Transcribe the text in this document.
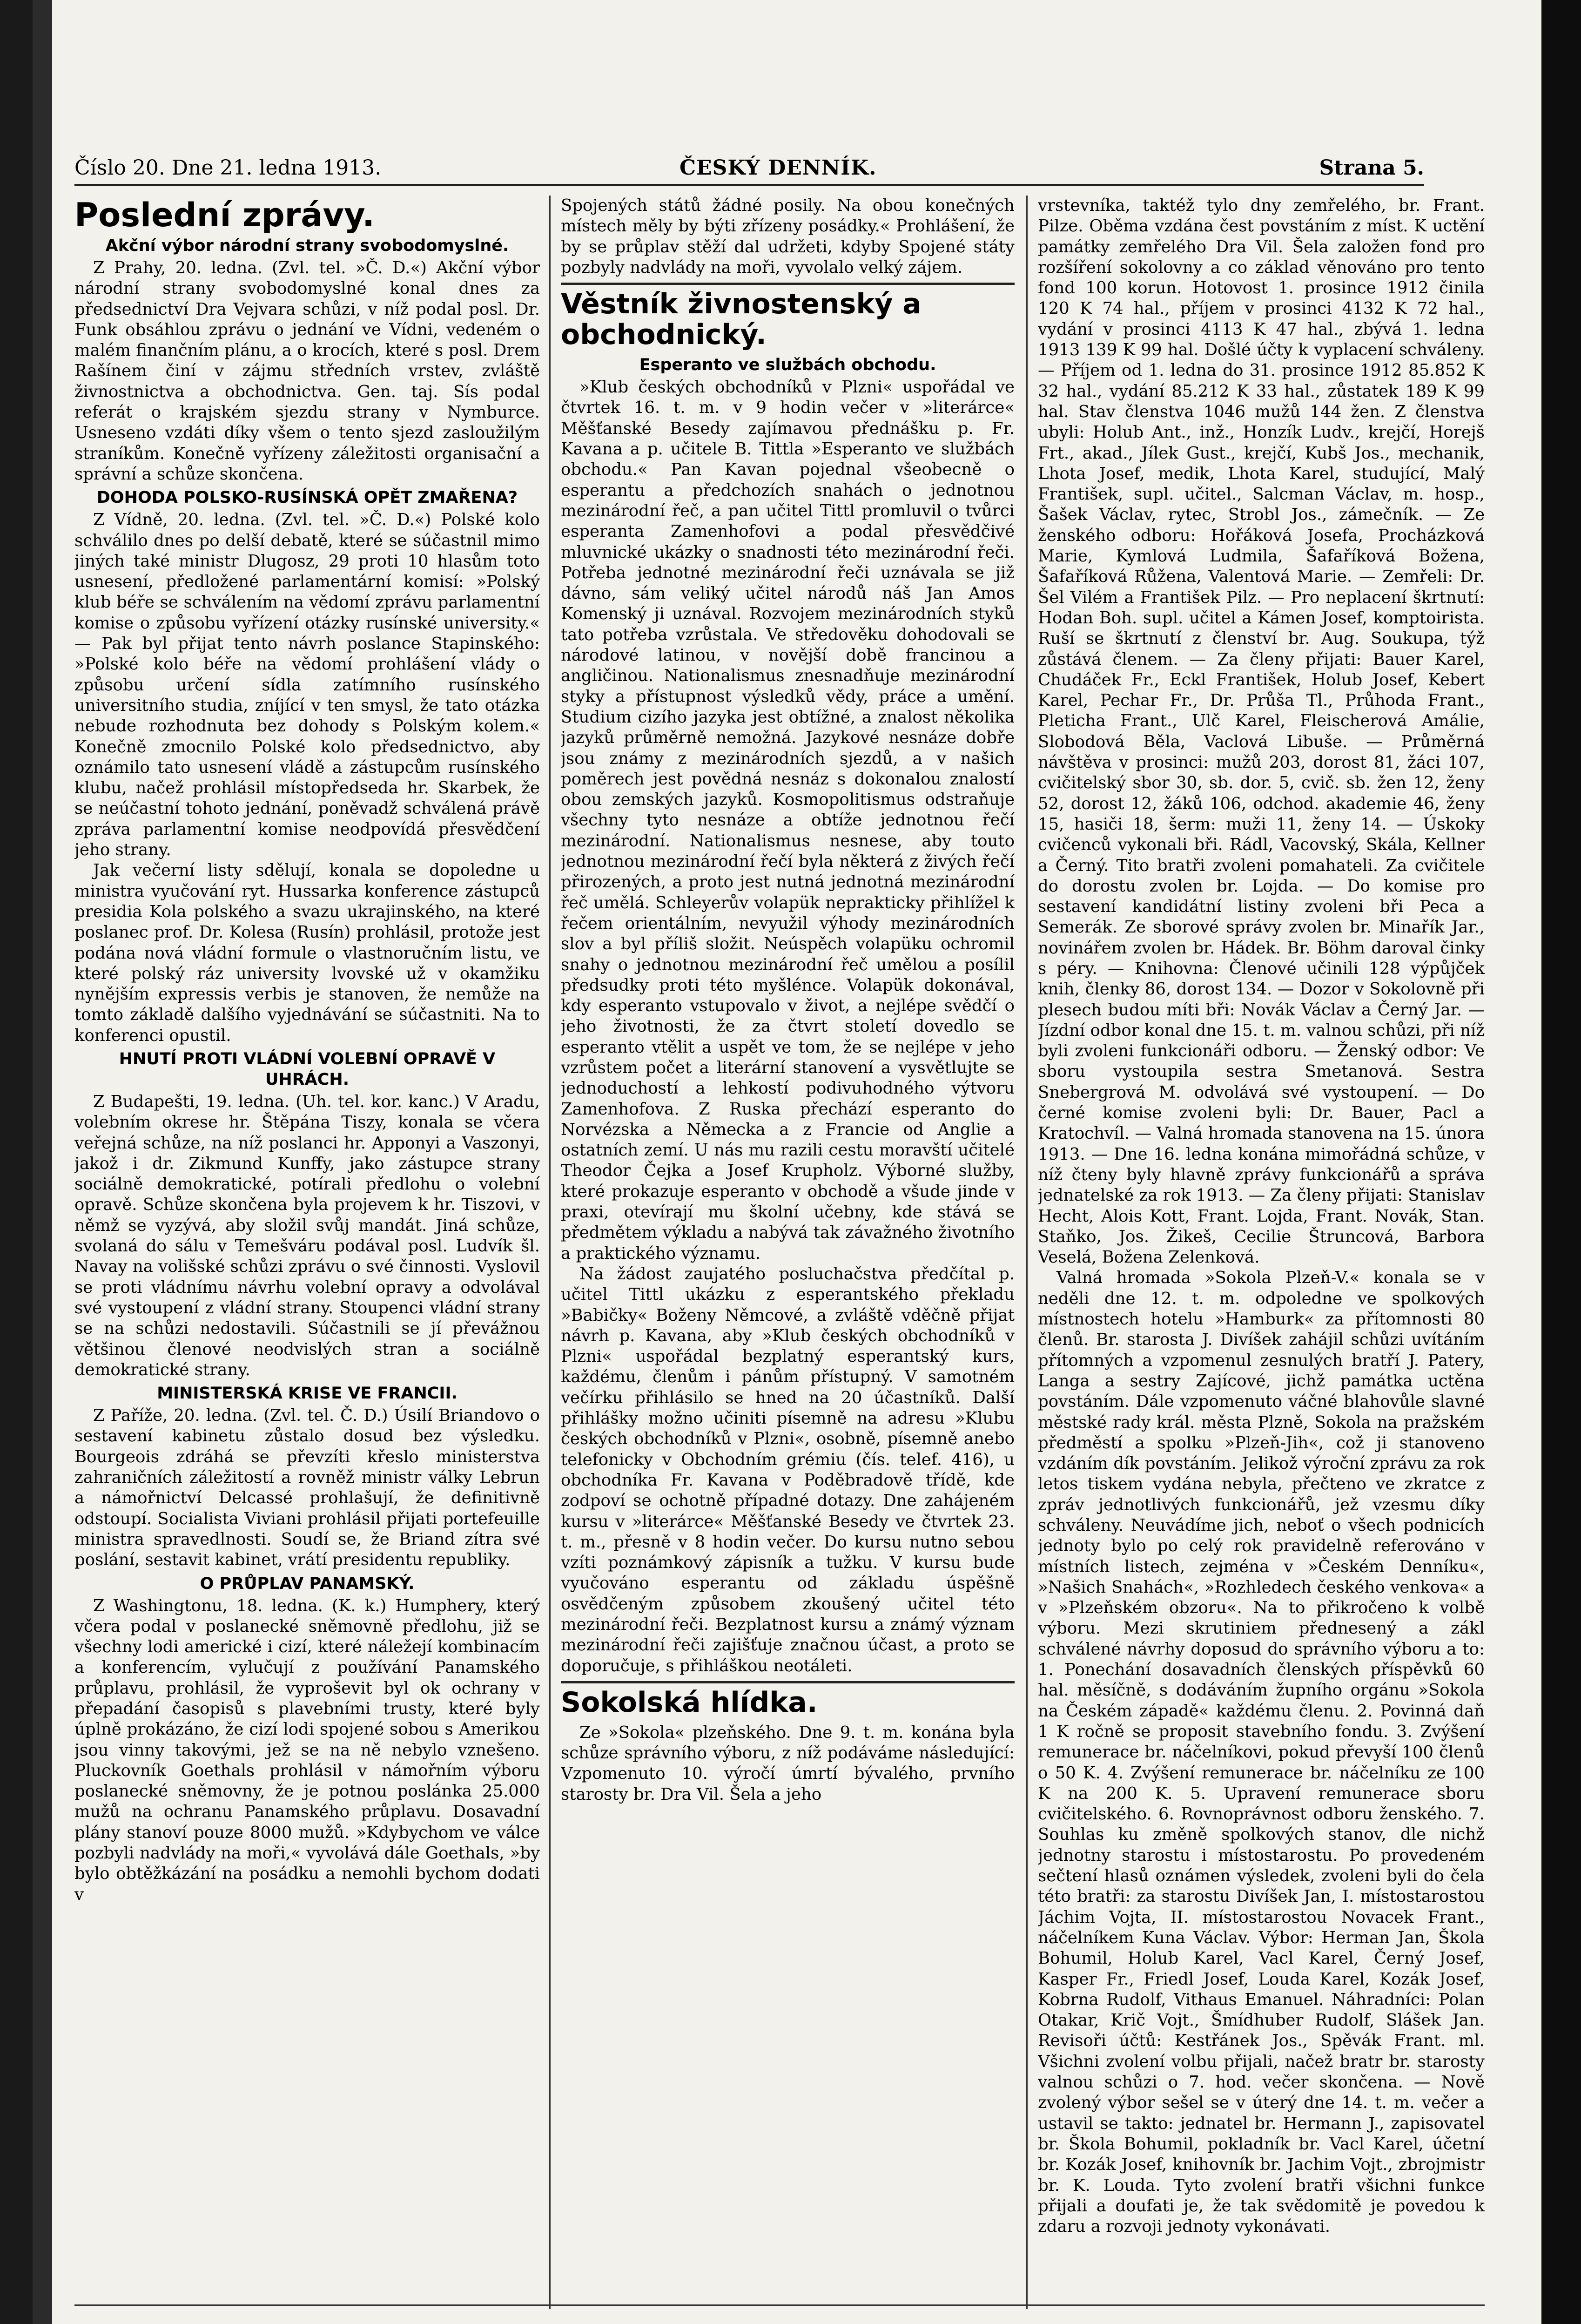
Číslo 20. Dne 21. ledna 1913.	ČESKÝ DENNÍK.	Strana 5.
Poslední zprávy.
Akční výbor národní strany svobodomyslné.

Z Prahy, 20. ledna. (Zvl. tel. »Č. D.«) Akční výbor národní strany svobodomyslné konal dnes za předsednictví Dra Vejvara schůzi, v níž podal posl. Dr. Funk obsáhlou zprávu o jednání ve Vídni, vedeném o malém finančním plánu, a o krocích, které s posl. Drem Rašínem činí v zájmu středních vrstev, zvláště živnostnictva a obchodnictva. Gen. taj. Sís podal referát o krajském sjezdu strany v Nymburce. Usneseno vzdáti díky všem o tento sjezd zasloužilým straníkům. Konečně vyřízeny záležitosti organisační a správní a schůze skončena.

DOHODA POLSKO-RUSÍNSKÁ OPĚT ZMAŘENA?

Z Vídně, 20. ledna. (Zvl. tel. »Č. D.«) Polské kolo schválilo dnes po delší debatě, které se súčastnil mimo jiných také ministr Dlugosz, 29 proti 10 hlasům toto usnesení, předložené parlamentární komisí: »Polský klub béře se schválením na vědomí zprávu parlamentní komise o způsobu vyřízení otázky rusínské university.« — Pak byl přijat tento návrh poslance Stapinského: »Polské kolo béře na vědomí prohlášení vlády o způsobu určení sídla zatímního rusínského universitního studia, zníjící v ten smysl, že tato otázka nebude rozhodnuta bez dohody s Polským kolem.« Konečně zmocnilo Polské kolo předsednictvo, aby oznámilo tato usnesení vládě a zástupcům rusínského klubu, načež prohlásil místopředseda hr. Skarbek, že se neúčastní tohoto jednání, poněvadž schválená právě zpráva parlamentní komise neodpovídá přesvědčení jeho strany.

Jak večerní listy sdělují, konala se dopoledne u ministra vyučování ryt. Hussarka konference zástupců presidia Kola polského a svazu ukrajinského, na které poslanec prof. Dr. Kolesa (Rusín) prohlásil, protože jest podána nová vládní formule o vlastnoručním listu, ve které polský ráz university lvovské už v okamžiku nynějším expressis verbis je stanoven, že nemůže na tomto základě dalšího vyjednávání se súčastniti. Na to konferenci opustil.

HNUTÍ PROTI VLÁDNÍ VOLEBNÍ OPRAVĚ V UHRÁCH.

Z Budapešti, 19. ledna. (Uh. tel. kor. kanc.) V Aradu, volebním okrese hr. Štěpána Tiszy, konala se včera veřejná schůze, na níž poslanci hr. Apponyi a Vaszonyi, jakož i dr. Zikmund Kunffy, jako zástupce strany sociálně demokratické, potírali předlohu o volební opravě. Schůze skončena byla projevem k hr. Tiszovi, v němž se vyzývá, aby složil svůj mandát. Jiná schůze, svolaná do sálu v Temešváru podával posl. Ludvík šl. Navay na volišské schůzi zprávu o své činnosti. Vyslovil se proti vládnímu návrhu volební opravy a odvolával své vystoupení z vládní strany. Stoupenci vládní strany se na schůzi nedostavili. Súčastnili se jí převážnou většinou členové neodvislých stran a sociálně demokratické strany.

MINISTERSKÁ KRISE VE FRANCII.

Z Paříže, 20. ledna. (Zvl. tel. Č. D.) Úsilí Briandovo o sestavení kabinetu zůstalo dosud bez výsledku. Bourgeois zdráhá se převzíti křeslo ministerstva zahraničních záležitostí a rovněž ministr války Lebrun a námořnictví Delcassé prohlašují, že definitivně odstoupí. Socialista Viviani prohlásil přijati portefeuille ministra spravedlnosti. Soudí se, že Briand zítra své poslání, sestavit kabinet, vrátí presidentu republiky.

O PRŮPLAV PANAMSKÝ.

Z Washingtonu, 18. ledna. (K. k.) Humphery, který včera podal v poslanecké sněmovně předlohu, již se všechny lodi americké i cizí, které náležejí kombinacím a konferencím, vylučují z používání Panamského průplavu, prohlásil, že vyproševit byl ok ochrany v přepadání časopisů s plavebními trusty, které byly úplně prokázáno, že cizí lodi spojené sobou s Amerikou jsou vinny takovými, jež se na ně nebylo vznešeno. Pluckovník Goethals prohlásil v námořním výboru poslanecké sněmovny, že je potnou poslánka 25.000 mužů na ochranu Panamského průplavu. Dosavadní plány stanoví pouze 8000 mužů. »Kdybychom ve válce pozbyli nadvlády na moři,« vyvolává dále Goethals, »by bylo obtěžkázání na posádku a nemohli bychom dodati v

Spojených států žádné posily. Na obou konečných místech měly by býti zřízeny posádky.« Prohlášení, že by se průplav stěží dal udržeti, kdyby Spojené státy pozbyly nadvlády na moři, vyvolalo velký zájem.

Věstník živnostenský a obchodnický.
Esperanto ve službách obchodu.

»Klub českých obchodníků v Plzni« uspořádal ve čtvrtek 16. t. m. v 9 hodin večer v »literárce« Měšťanské Besedy zajímavou přednášku p. Fr. Kavana a p. učitele B. Tittla »Esperanto ve službách obchodu.« Pan Kavan pojednal všeobecně o esperantu a předchozích snahách o jednotnou mezinárodní řeč, a pan učitel Tittl promluvil o tvůrci esperanta Zamenhofovi a podal přesvědčivé mluvnické ukázky o snadnosti této mezinárodní řeči. Potřeba jednotné mezinárodní řeči uznávala se již dávno, sám veliký učitel národů náš Jan Amos Komenský ji uznával. Rozvojem mezinárodních styků tato potřeba vzrůstala. Ve středověku dohodovali se národové latinou, v novější době francinou a angličinou. Nationalismus znesnadňuje mezinárodní styky a přístupnost výsledků vědy, práce a umění. Studium cizího jazyka jest obtížné, a znalost několika jazyků průměrně nemožná. Jazykové nesnáze dobře jsou známy z mezinárodních sjezdů, a v našich poměrech jest povědná nesnáz s dokonalou znalostí obou zemských jazyků. Kosmopolitismus odstraňuje všechny tyto nesnáze a obtíže jednotnou řečí mezinárodní. Nationalismus nesnese, aby touto jednotnou mezinárodní řečí byla některá z živých řečí přirozených, a proto jest nutná jednotná mezinárodní řeč umělá. Schleyerův volapük neprakticky přihlížel k řečem orientálním, nevyužil výhody mezinárodních slov a byl příliš složit. Neúspěch volapüku ochromil snahy o jednotnou mezinárodní řeč umělou a posílil předsudky proti této myšlénce. Volapük dokonával, kdy esperanto vstupovalo v život, a nejlépe svědčí o jeho životnosti, že za čtvrt století dovedlo se esperanto vtělit a uspět ve tom, že se nejlépe v jeho vzrůstem počet a literární stanovení a vysvětlujte se jednoduchostí a lehkostí podivuhodného výtvoru Zamenhofova. Z Ruska přechází esperanto do Norvézska a Německa a z Francie od Anglie a ostatních zemí. U nás mu razili cestu moravští učitelé Theodor Čejka a Josef Krupholz. Výborné služby, které prokazuje esperanto v obchodě a všude jinde v praxi, otevírají mu školní učebny, kde stává se předmětem výkladu a nabývá tak závažného životního a praktického významu.

Na žádost zaujatého posluchačstva předčítal p. učitel Tittl ukázku z esperantského překladu »Babičky« Boženy Němcové, a zvláště vděčně přijat návrh p. Kavana, aby »Klub českých obchodníků v Plzni« uspořádal bezplatný esperantský kurs, každému, členům i pánům přístupný. V samotném večírku přihlásilo se hned na 20 účastníků. Další přihlášky možno učiniti písemně na adresu »Klubu českých obchodníků v Plzni«, osobně, písemně anebo telefonicky v Obchodním grémiu (čís. telef. 416), u obchodníka Fr. Kavana v Poděbradově třídě, kde zodpoví se ochotně případné dotazy. Dne zahájeném kursu v »literárce« Měšťanské Besedy ve čtvrtek 23. t. m., přesně v 8 hodin večer. Do kursu nutno sebou vzíti poznámkový zápisník a tužku. V kursu bude vyučováno esperantu od základu úspěšně osvědčeným způsobem zkoušený učitel této mezinárodní řeči. Bezplatnost kursu a známý význam mezinárodní řeči zajišťuje značnou účast, a proto se doporučuje, s přihláškou neotáleti.

Sokolská hlídka.

Ze »Sokola« plzeňského. Dne 9. t. m. konána byla schůze správního výboru, z níž podáváme následující: Vzpomenuto 10. výročí úmrtí bývalého, prvního starosty br. Dra Vil. Šela a jeho

vrstevníka, taktéž tylo dny zemřelého, br. Frant. Pilze. Oběma vzdána čest povstáním z míst. K uctění památky zemřelého Dra Vil. Šela založen fond pro rozšíření sokolovny a co základ věnováno pro tento fond 100 korun. Hotovost 1. prosince 1912 činila 120 K 74 hal., příjem v prosinci 4132 K 72 hal., vydání v prosinci 4113 K 47 hal., zbývá 1. ledna 1913 139 K 99 hal. Došlé účty k vyplacení schváleny. — Příjem od 1. ledna do 31. prosince 1912 85.852 K 32 hal., vydání 85.212 K 33 hal., zůstatek 189 K 99 hal. Stav členstva 1046 mužů 144 žen. Z členstva ubyli: Holub Ant., inž., Honzík Ludv., krejčí, Horejš Frt., akad., Jílek Gust., krejčí, Kubš Jos., mechanik, Lhota Josef, medik, Lhota Karel, studující, Malý František, supl. učitel., Salcman Václav, m. hosp., Šašek Václav, rytec, Strobl Jos., zámečník. — Ze ženského odboru: Hořáková Josefa, Procházková Marie, Kymlová Ludmila, Šafaříková Božena, Šafaříková Růžena, Valentová Marie. — Zemřeli: Dr. Šel Vilém a František Pilz. — Pro neplacení škrtnutí: Hodan Boh. supl. učitel a Kámen Josef, komptoirista. Ruší se škrtnutí z členství br. Aug. Soukupa, týž zůstává členem. — Za členy přijati: Bauer Karel, Chudáček Fr., Eckl František, Holub Josef, Kebert Karel, Pechar Fr., Dr. Průša Tl., Průhoda Frant., Pleticha Frant., Ulč Karel, Fleischerová Amálie, Slobodová Běla, Vaclová Libuše. — Průměrná návštěva v prosinci: mužů 203, dorost 81, žáci 107, cvičitelský sbor 30, sb. dor. 5, cvič. sb. žen 12, ženy 52, dorost 12, žáků 106, odchod. akademie 46, ženy 15, hasiči 18, šerm: muži 11, ženy 14. — Úskoky cvičenců vykonali bři. Rádl, Vacovský, Skála, Kellner a Černý. Tito bratři zvoleni pomahateli. Za cvičitele do dorostu zvolen br. Lojda. — Do komise pro sestavení kandidátní listiny zvoleni bři Peca a Semerák. Ze sborové správy zvolen br. Minařík Jar., novinářem zvolen br. Hádek. Br. Böhm daroval činky s péry. — Knihovna: Členové učinili 128 výpůjček knih, členky 86, dorost 134. — Dozor v Sokolovně při plesech budou míti bři: Novák Václav a Černý Jar. — Jízdní odbor konal dne 15. t. m. valnou schůzi, při níž byli zvoleni funkcionáři odboru. — Ženský odbor: Ve sboru vystoupila sestra Smetanová. Sestra Snebergrová M. odvolává své vystoupení. — Do černé komise zvoleni byli: Dr. Bauer, Pacl a Kratochvíl. — Valná hromada stanovena na 15. února 1913. — Dne 16. ledna konána mimořádná schůze, v níž čteny byly hlavně zprávy funkcionářů a správa jednatelské za rok 1913. — Za členy přijati: Stanislav Hecht, Alois Kott, Frant. Lojda, Frant. Novák, Stan. Staňko, Jos. Žikeš, Cecilie Štruncová, Barbora Veselá, Božena Zelenková.

Valná hromada »Sokola Plzeň-V.« konala se v neděli dne 12. t. m. odpoledne ve spolkových místnostech hotelu »Hamburk« za přítomnosti 80 členů. Br. starosta J. Divíšek zahájil schůzi uvítáním přítomných a vzpomenul zesnulých bratří J. Patery, Langa a sestry Zajícové, jichž památka uctěna povstáním. Dále vzpomenuto váčné blahovůle slavné městské rady král. města Plzně, Sokola na pražském předměstí a spolku »Plzeň-Jih«, což ji stanoveno vzdáním dík povstáním. Jelikož výroční zprávu za rok letos tiskem vydána nebyla, přečteno ve zkratce z zpráv jednotlivých funkcionářů, jež vzesmu díky schváleny. Neuvádíme jich, neboť o všech podnicích jednoty bylo po celý rok pravidelně referováno v místních listech, zejména v »Českém Denníku«, »Našich Snahách«, »Rozhledech českého venkova« a v »Plzeňském obzoru«. Na to přikročeno k volbě výboru. Mezi skrutiniem přednesený a zákl schválené návrhy doposud do správního výboru a to: 1. Ponechání dosavadních členských příspěvků 60 hal. měsíčně, s dodáváním župního orgánu »Sokola na Českém západě« každému členu. 2. Povinná daň 1 K ročně se proposit stavebního fondu. 3. Zvýšení remunerace br. náčelníkovi, pokud převyší 100 členů o 50 K. 4. Zvýšení remunerace br. náčelníku ze 100 K na 200 K. 5. Upravení remunerace sboru cvičitelského. 6. Rovnoprávnost odboru ženského. 7. Souhlas ku změně spolkových stanov, dle nichž jednotny starostu i místostarostu. Po provedeném sečtení hlasů oznámen výsledek, zvoleni byli do čela této bratři: za starostu Divíšek Jan, I. místostarostou Jáchim Vojta, II. místostarostou Novacek Frant., náčelníkem Kuna Václav. Výbor: Herman Jan, Škola Bohumil, Holub Karel, Vacl Karel, Černý Josef, Kasper Fr., Friedl Josef, Louda Karel, Kozák Josef, Kobrna Rudolf, Vithaus Emanuel. Náhradníci: Polan Otakar, Krič Vojt., Šmídhuber Rudolf, Slášek Jan. Revisoři účtů: Kestřánek Jos., Spěvák Frant. ml. Všichni zvolení volbu přijali, načež bratr br. starosty valnou schůzi o 7. hod. večer skončena. — Nově zvolený výbor sešel se v úterý dne 14. t. m. večer a ustavil se takto: jednatel br. Hermann J., zapisovatel br. Škola Bohumil, pokladník br. Vacl Karel, účetní br. Kozák Josef, knihovník br. Jachim Vojt., zbrojmistr br. K. Louda. Tyto zvolení bratři všichni funkce přijali a doufati je, že tak svědomitě je povedou k zdaru a rozvoji jednoty vykonávati.
